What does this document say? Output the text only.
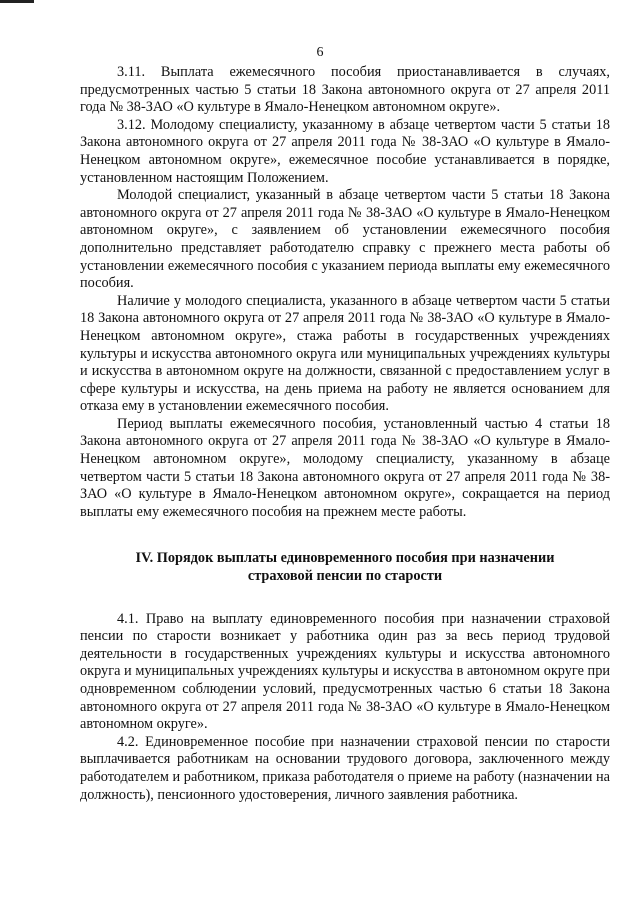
6

3.11. Выплата ежемесячного пособия приостанавливается в случаях, предусмотренных частью 5 статьи 18 Закона автономного округа от 27 апреля 2011 года № 38-ЗАО «О культуре в Ямало-Ненецком автономном округе».

3.12. Молодому специалисту, указанному в абзаце четвертом части 5 статьи 18 Закона автономного округа от 27 апреля 2011 года № 38-ЗАО «О культуре в Ямало-Ненецком автономном округе», ежемесячное пособие устанавливается в порядке, установленном настоящим Положением.

Молодой специалист, указанный в абзаце четвертом части 5 статьи 18 Закона автономного округа от 27 апреля 2011 года № 38-ЗАО «О культуре в Ямало-Ненецком автономном округе», с заявлением об установлении ежемесячного пособия дополнительно представляет работодателю справку с прежнего места работы об установлении ежемесячного пособия с указанием периода выплаты ему ежемесячного пособия.

Наличие у молодого специалиста, указанного в абзаце четвертом части 5 статьи 18 Закона автономного округа от 27 апреля 2011 года № 38-ЗАО «О культуре в Ямало-Ненецком автономном округе», стажа работы в государственных учреждениях культуры и искусства автономного округа или муниципальных учреждениях культуры и искусства в автономном округе на должности, связанной с предоставлением услуг в сфере культуры и искусства, на день приема на работу не является основанием для отказа ему в установлении ежемесячного пособия.

Период выплаты ежемесячного пособия, установленный частью 4 статьи 18 Закона автономного округа от 27 апреля 2011 года № 38-ЗАО «О культуре в Ямало-Ненецком автономном округе», молодому специалисту, указанному в абзаце четвертом части 5 статьи 18 Закона автономного округа от 27 апреля 2011 года № 38-ЗАО «О культуре в Ямало-Ненецком автономном округе», сокращается на период выплаты ему ежемесячного пособия на прежнем месте работы.

IV. Порядок выплаты единовременного пособия при назначении
страховой пенсии по старости

4.1. Право на выплату единовременного пособия при назначении страховой пенсии по старости возникает у работника один раз за весь период трудовой деятельности в государственных учреждениях культуры и искусства автономного округа и муниципальных учреждениях культуры и искусства в автономном округе при одновременном соблюдении условий, предусмотренных частью 6 статьи 18 Закона автономного округа от 27 апреля 2011 года № 38-ЗАО «О культуре в Ямало-Ненецком автономном округе».

4.2. Единовременное пособие при назначении страховой пенсии по старости выплачивается работникам на основании трудового договора, заключенного между работодателем и работником, приказа работодателя о приеме на работу (назначении на должность), пенсионного удостоверения, личного заявления работника.
